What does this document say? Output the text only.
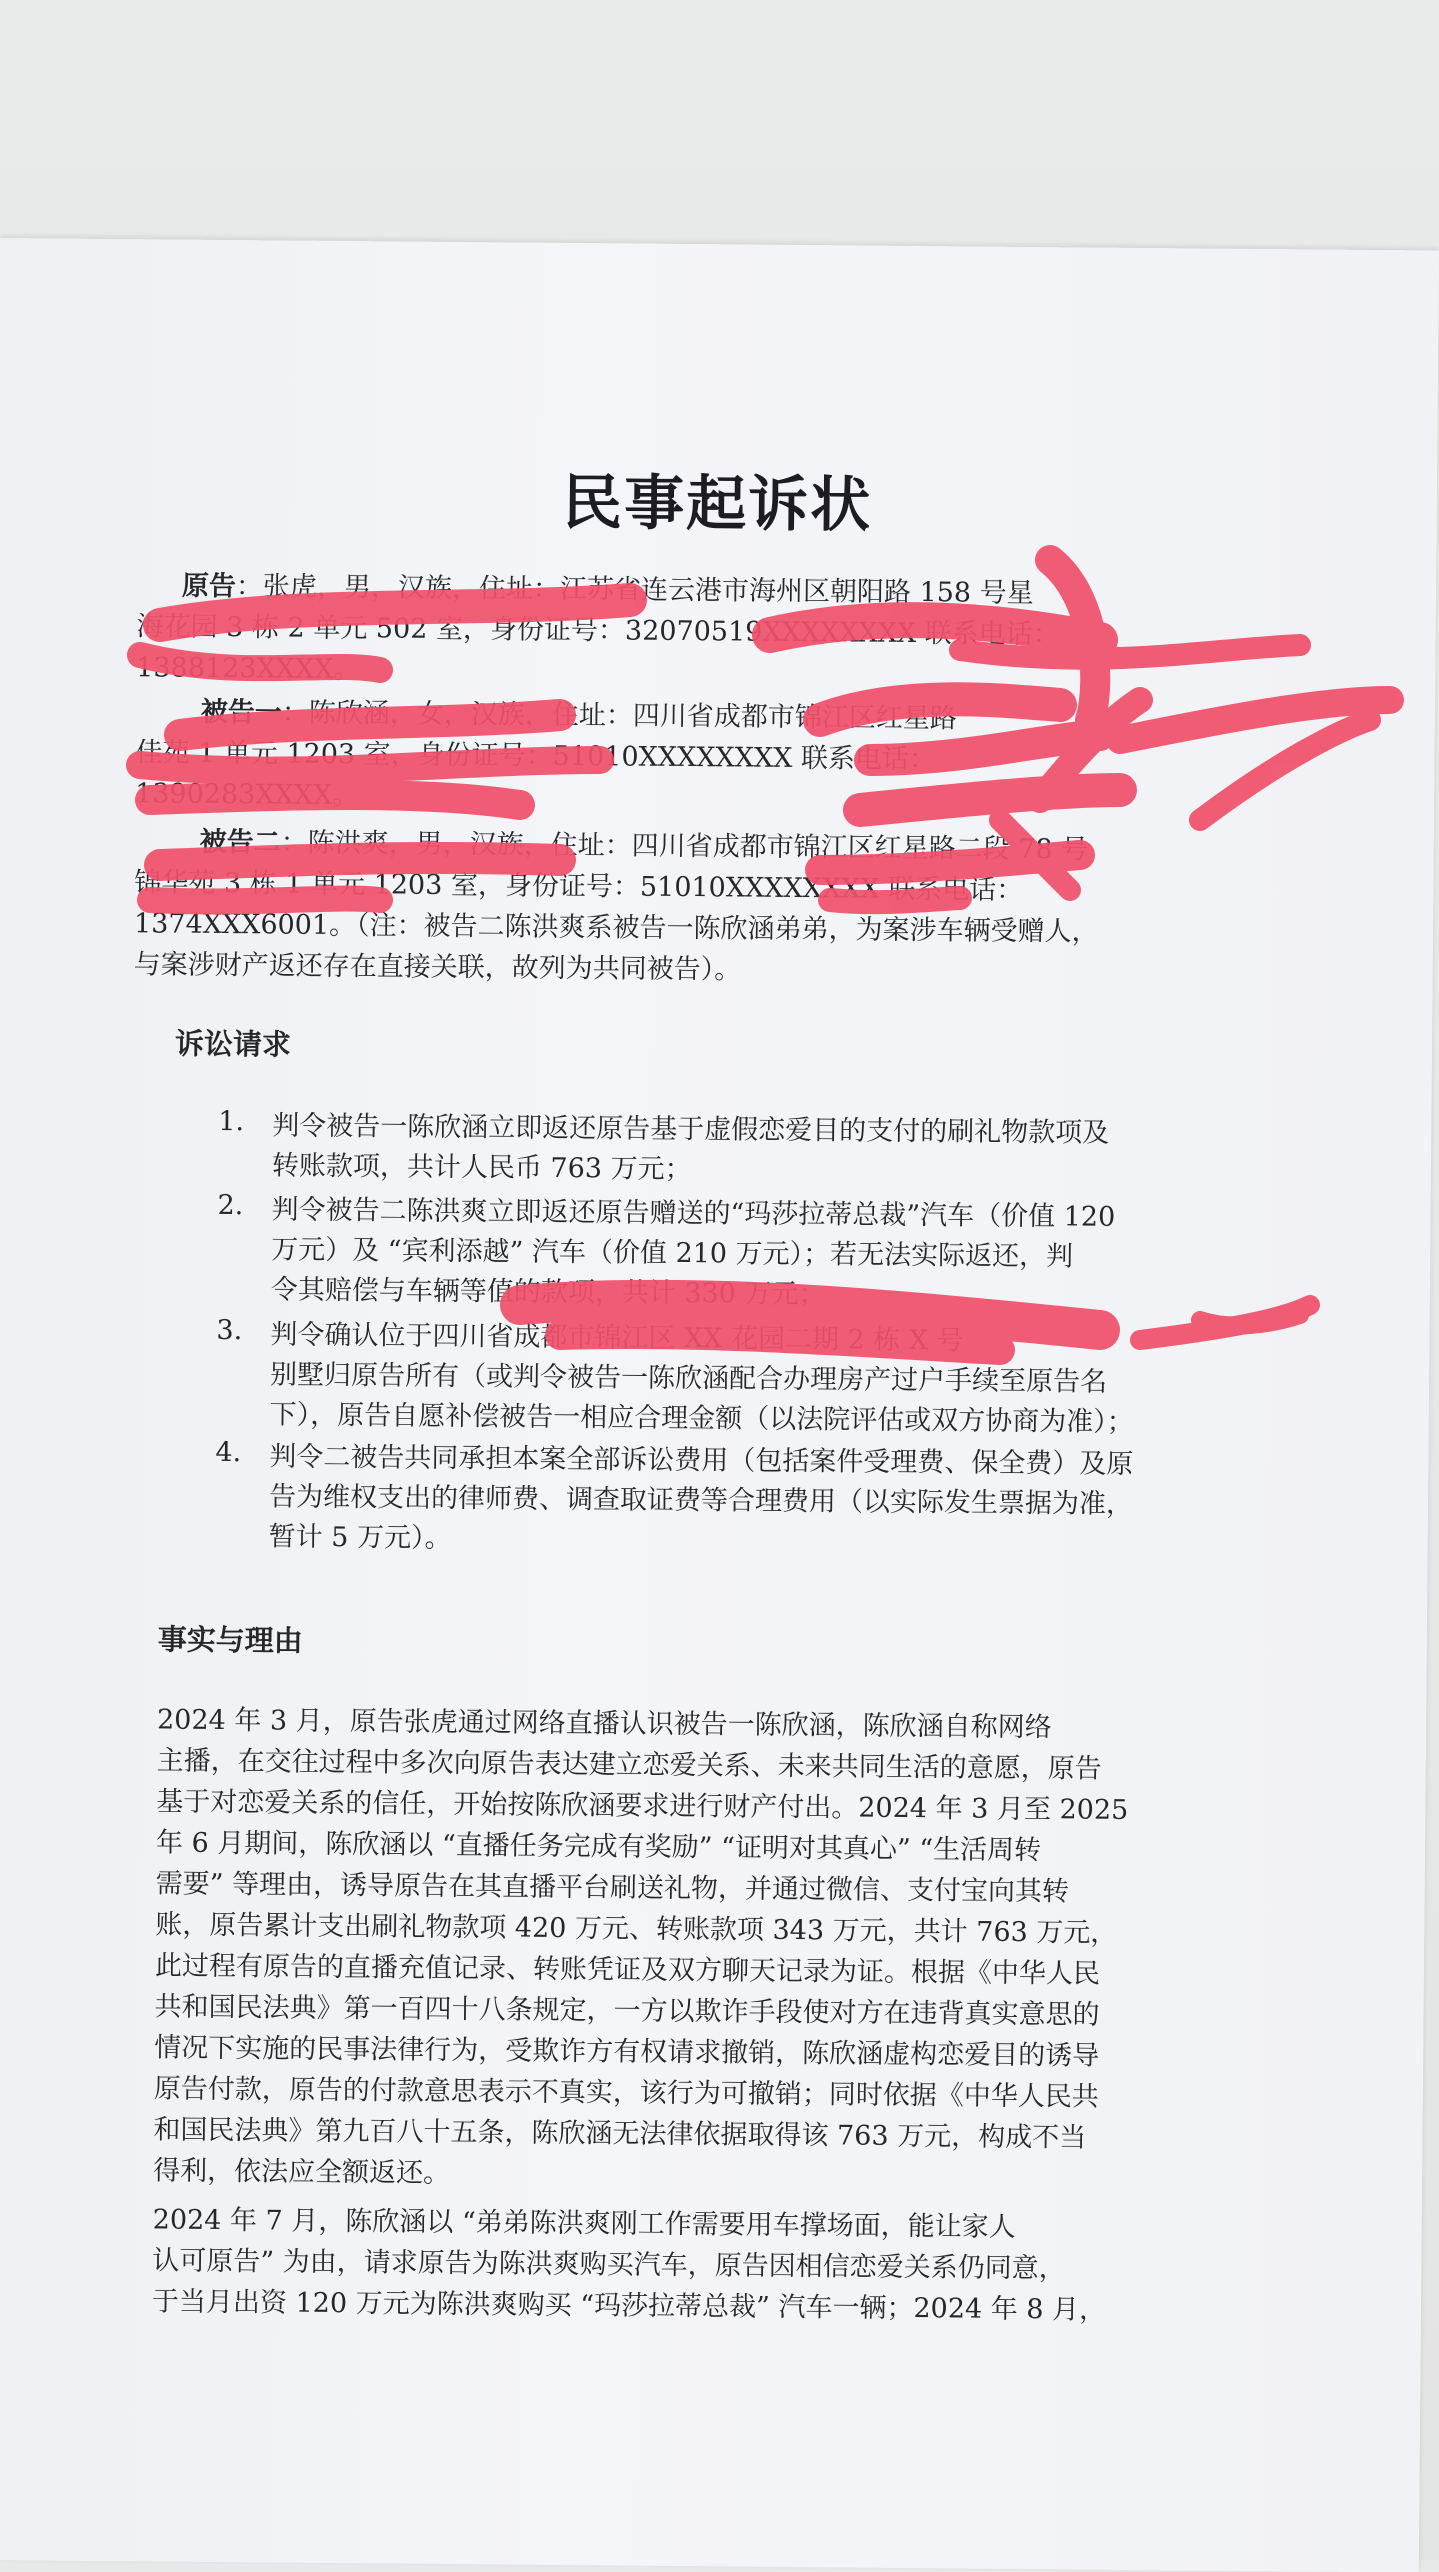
民事起诉状
原告：张虎，男，汉族，住址：江苏省连云港市海州区朝阳路 158 号星
海花园 3 栋 2 单元 502 室，身份证号：32070519XXXXXXXX 联系电话：
1388123XXXX。
被告一：陈欣涵，女，汉族，住址：四川省成都市锦江区红星路
佳苑 1 单元 1203 室，身份证号：51010XXXXXXXX 联系电话：
1390283XXXX。
被告二：陈洪爽，男，汉族，住址：四川省成都市锦江区红星路二段 78 号
锦华苑 3 栋 1 单元 1203 室，身份证号：51010XXXXXXXX 联系电话：
1374XXX6001。（注：被告二陈洪爽系被告一陈欣涵弟弟，为案涉车辆受赠人，
与案涉财产返还存在直接关联，故列为共同被告）。
诉讼请求
1. 判令被告一陈欣涵立即返还原告基于虚假恋爱目的支付的刷礼物款项及
转账款项，共计人民币 763 万元；
2. 判令被告二陈洪爽立即返还原告赠送的“玛莎拉蒂总裁”汽车（价值 120
万元）及 “宾利添越” 汽车（价值 210 万元）；若无法实际返还，判
令其赔偿与车辆等值的款项，共计 330 万元；
3. 判令确认位于四川省成都市锦江区 XX 花园二期 2 栋 X 号
别墅归原告所有（或判令被告一陈欣涵配合办理房产过户手续至原告名
下），原告自愿补偿被告一相应合理金额（以法院评估或双方协商为准）；
4. 判令二被告共同承担本案全部诉讼费用（包括案件受理费、保全费）及原
告为维权支出的律师费、调查取证费等合理费用（以实际发生票据为准，
暂计 5 万元）。
事实与理由
2024 年 3 月，原告张虎通过网络直播认识被告一陈欣涵，陈欣涵自称网络
主播，在交往过程中多次向原告表达建立恋爱关系、未来共同生活的意愿，原告
基于对恋爱关系的信任，开始按陈欣涵要求进行财产付出。2024 年 3 月至 2025
年 6 月期间，陈欣涵以 “直播任务完成有奖励” “证明对其真心” “生活周转
需要” 等理由，诱导原告在其直播平台刷送礼物，并通过微信、支付宝向其转
账，原告累计支出刷礼物款项 420 万元、转账款项 343 万元，共计 763 万元，
此过程有原告的直播充值记录、转账凭证及双方聊天记录为证。根据《中华人民
共和国民法典》第一百四十八条规定，一方以欺诈手段使对方在违背真实意思的
情况下实施的民事法律行为，受欺诈方有权请求撤销，陈欣涵虚构恋爱目的诱导
原告付款，原告的付款意思表示不真实，该行为可撤销；同时依据《中华人民共
和国民法典》第九百八十五条，陈欣涵无法律依据取得该 763 万元，构成不当
得利，依法应全额返还。
2024 年 7 月，陈欣涵以 “弟弟陈洪爽刚工作需要用车撑场面，能让家人
认可原告” 为由，请求原告为陈洪爽购买汽车，原告因相信恋爱关系仍同意，
于当月出资 120 万元为陈洪爽购买 “玛莎拉蒂总裁” 汽车一辆；2024 年 8 月，
